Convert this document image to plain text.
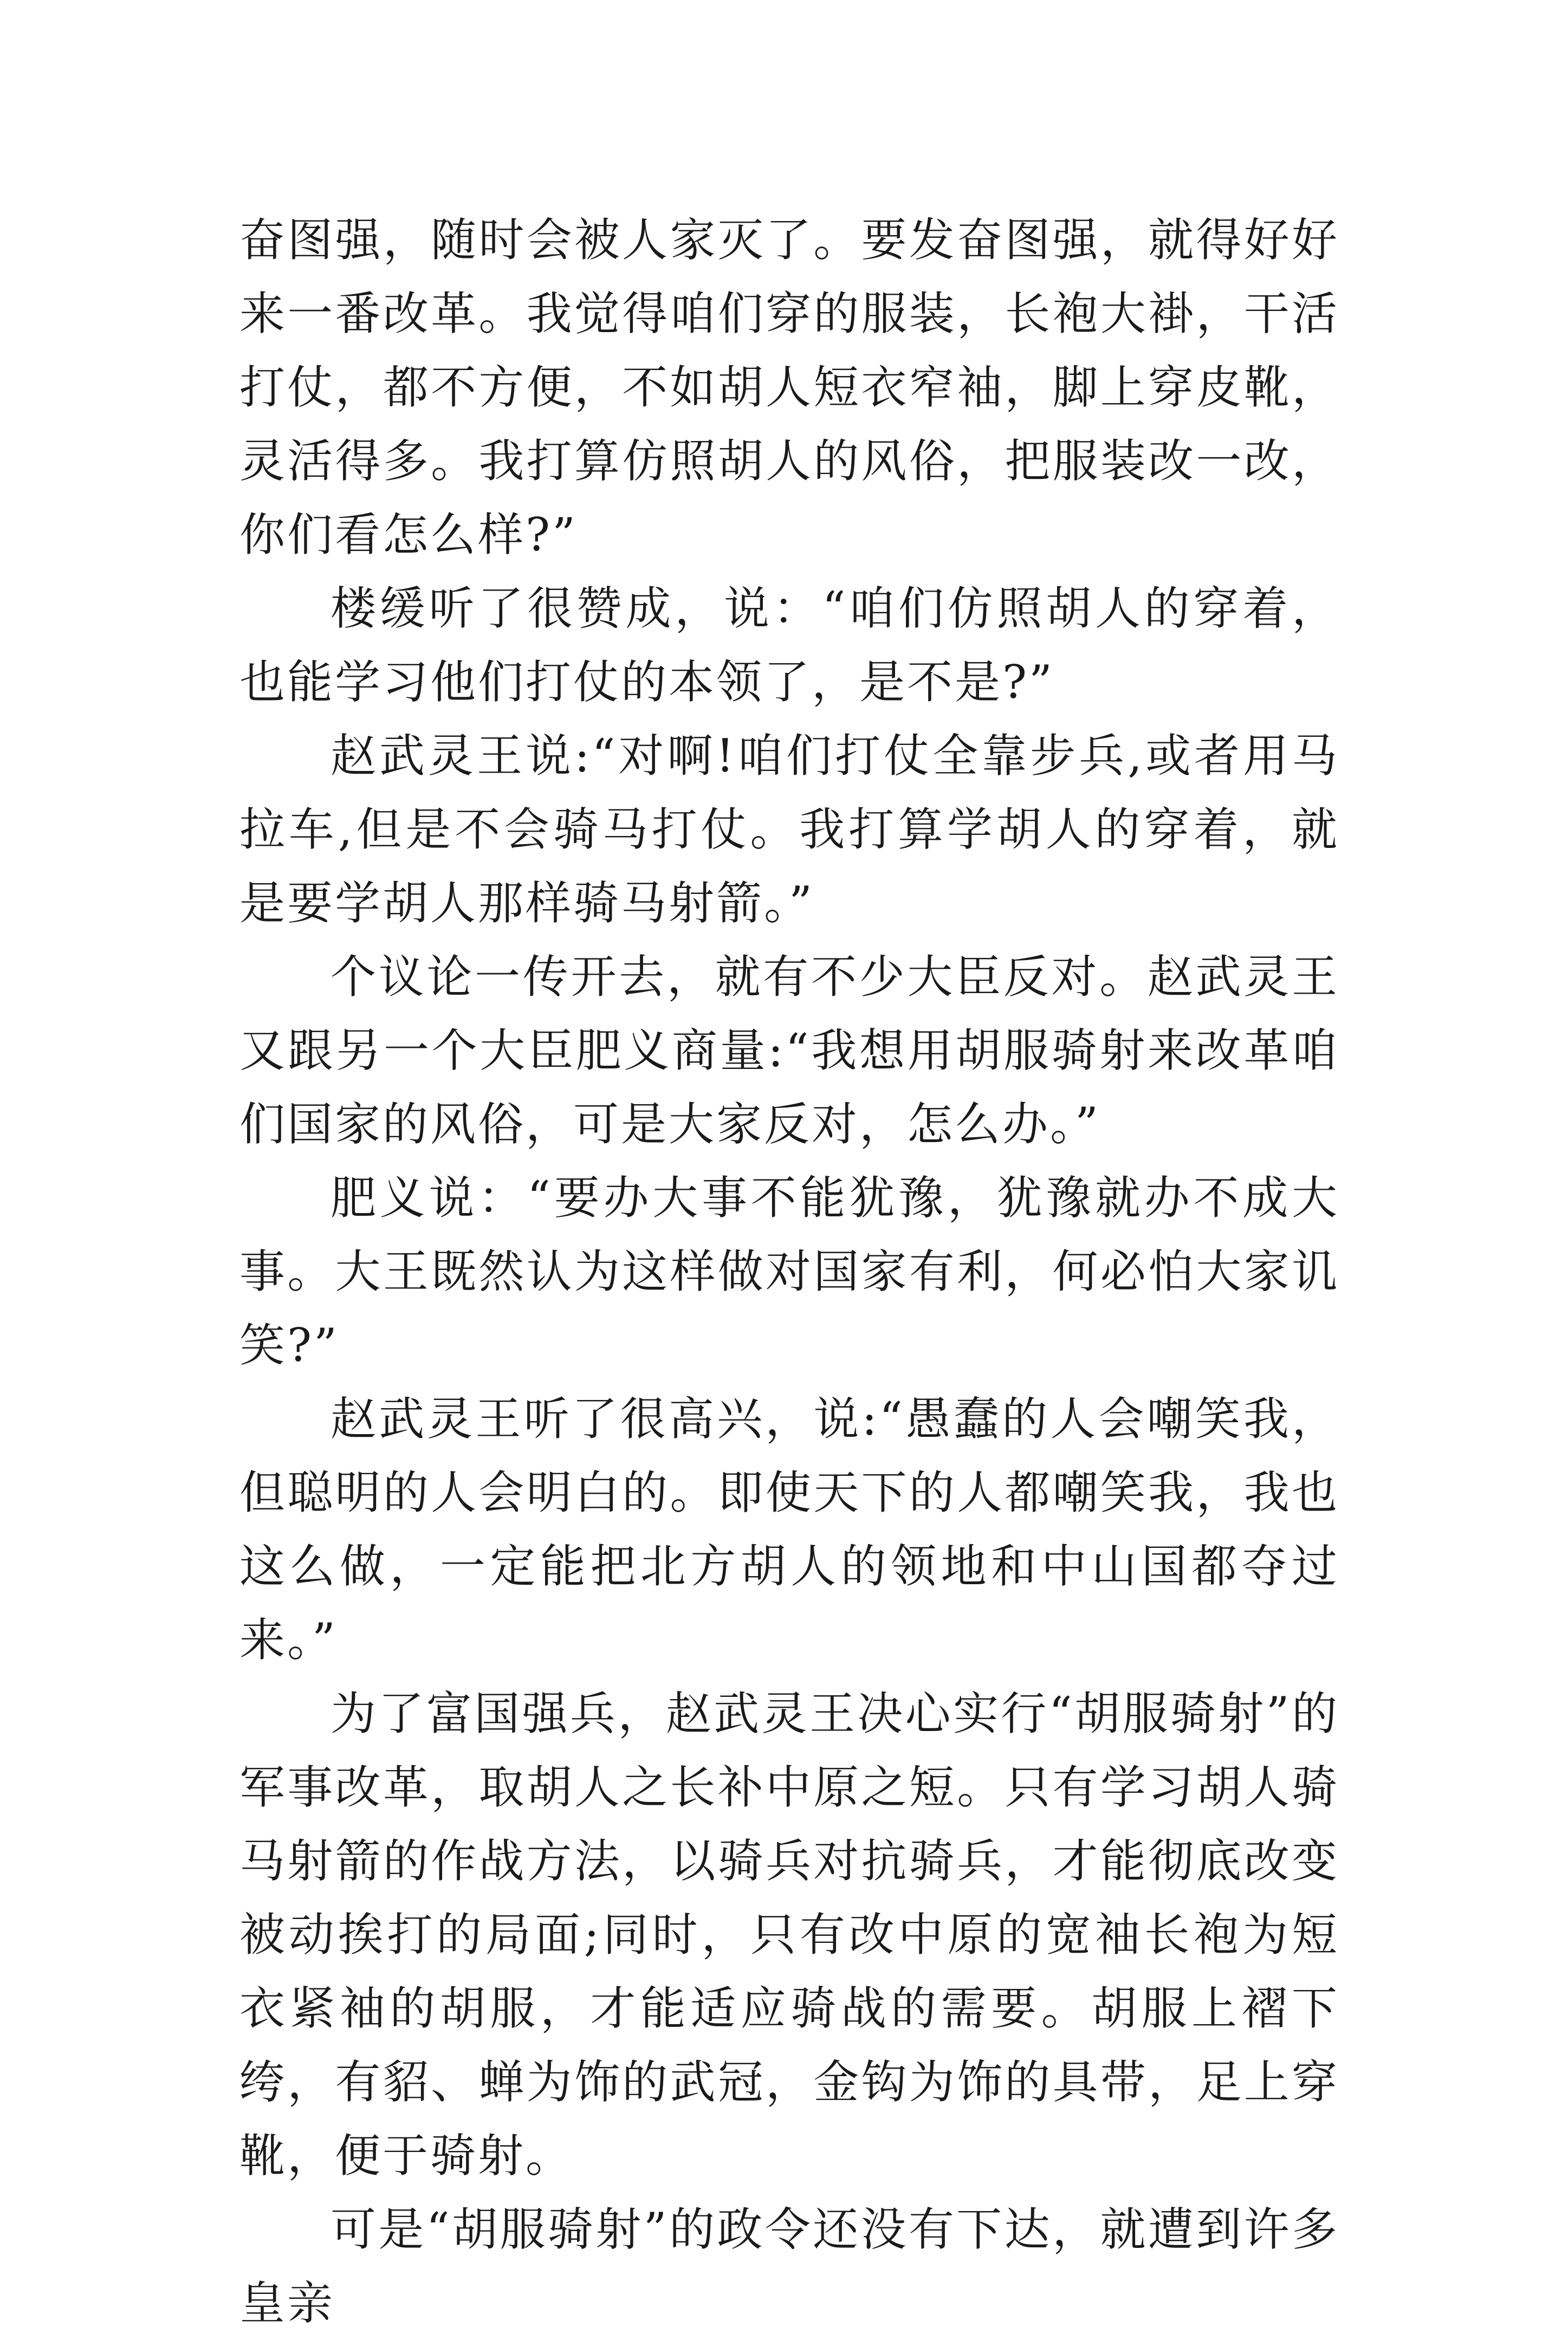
奋图强，随时会被人家灭了。要发奋图强，就得好好来一番改革。我觉得咱们穿的服装，长袍大褂，干活打仗，都不方便，不如胡人短衣窄袖，脚上穿皮靴，灵活得多。我打算仿照胡人的风俗，把服装改一改，你们看怎么样?”

楼缓听了很赞成，说：“咱们仿照胡人的穿着，也能学习他们打仗的本领了，是不是?”

赵武灵王说:“对啊!咱们打仗全靠步兵,或者用马拉车,但是不会骑马打仗。我打算学胡人的穿着，就是要学胡人那样骑马射箭。”

个议论一传开去，就有不少大臣反对。赵武灵王又跟另一个大臣肥义商量:“我想用胡服骑射来改革咱们国家的风俗，可是大家反对，怎么办。”

肥义说：“要办大事不能犹豫，犹豫就办不成大事。大王既然认为这样做对国家有利，何必怕大家讥笑?”

赵武灵王听了很高兴，说:“愚蠢的人会嘲笑我，但聪明的人会明白的。即使天下的人都嘲笑我，我也这么做，一定能把北方胡人的领地和中山国都夺过来。”

为了富国强兵，赵武灵王决心实行“胡服骑射”的军事改革，取胡人之长补中原之短。只有学习胡人骑马射箭的作战方法，以骑兵对抗骑兵，才能彻底改变被动挨打的局面;同时，只有改中原的宽袖长袍为短衣紧袖的胡服，才能适应骑战的需要。胡服上褶下绔，有貂、蝉为饰的武冠，金钩为饰的具带，足上穿靴，便于骑射。

可是“胡服骑射”的政令还没有下达，就遭到许多皇亲
